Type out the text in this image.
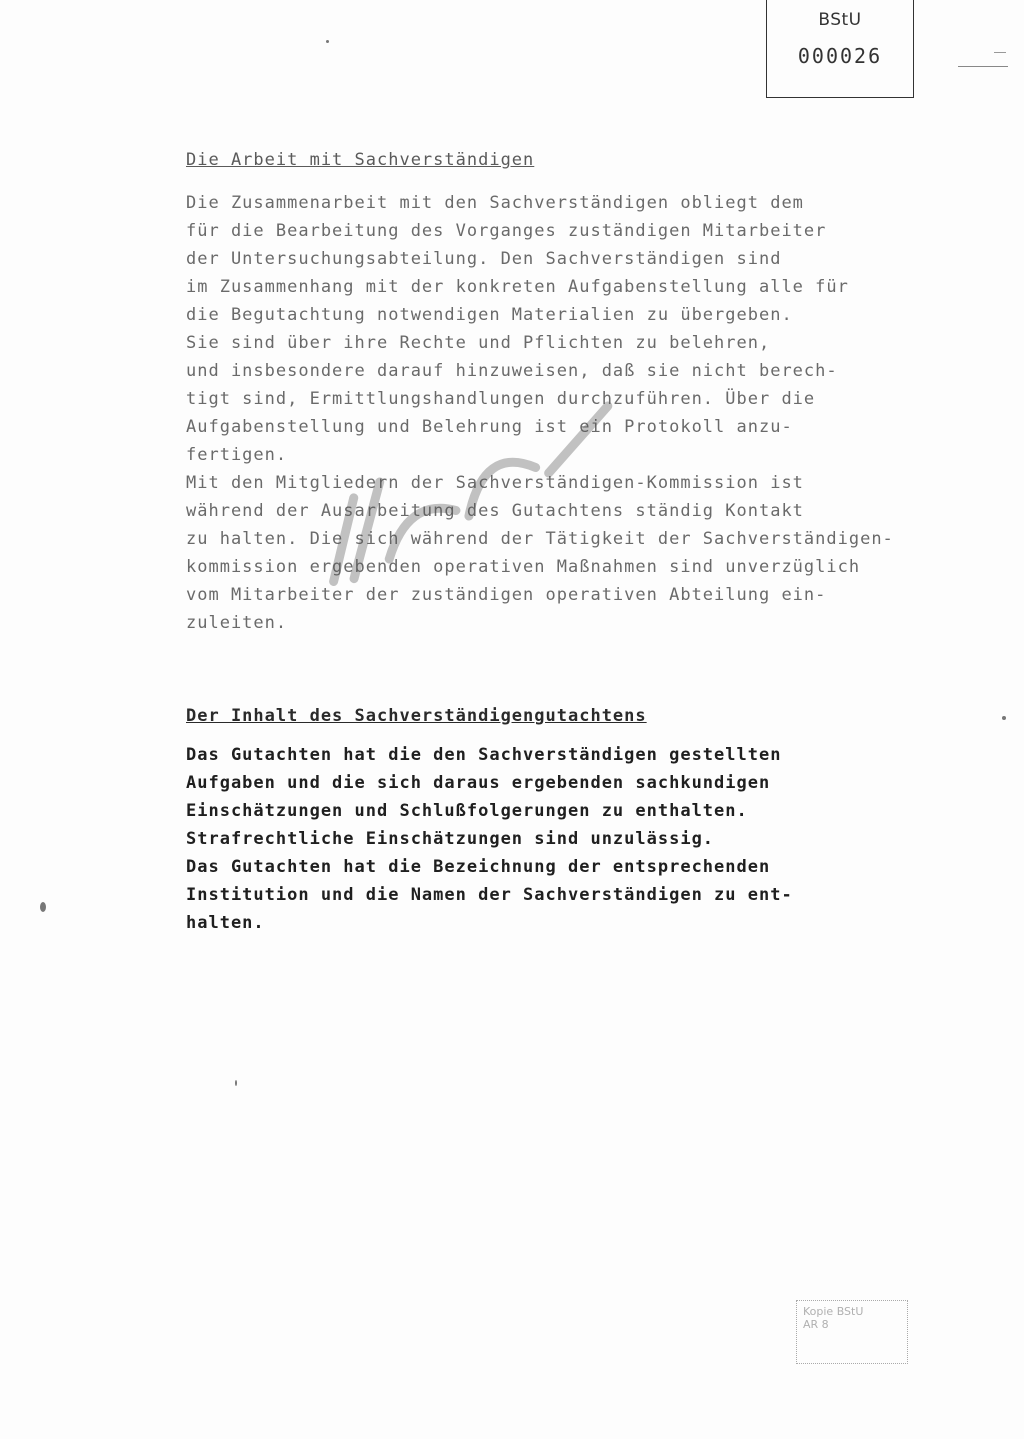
BStU
000026
Die Arbeit mit Sachverständigen
Die Zusammenarbeit mit den Sachverständigen obliegt dem
für die Bearbeitung des Vorganges zuständigen Mitarbeiter
der Untersuchungsabteilung. Den Sachverständigen sind
im Zusammenhang mit der konkreten Aufgabenstellung alle für
die Begutachtung notwendigen Materialien zu übergeben.
Sie sind über ihre Rechte und Pflichten zu belehren,
und insbesondere darauf hinzuweisen, daß sie nicht berech-
tigt sind, Ermittlungshandlungen durchzuführen. Über die
Aufgabenstellung und Belehrung ist ein Protokoll anzu-
fertigen.
Mit den Mitgliedern der Sachverständigen-Kommission ist
während der Ausarbeitung des Gutachtens ständig Kontakt
zu halten. Die sich während der Tätigkeit der Sachverständigen-
kommission ergebenden operativen Maßnahmen sind unverzüglich
vom Mitarbeiter der zuständigen operativen Abteilung ein-
zuleiten.
Der Inhalt des Sachverständigengutachtens
Das Gutachten hat die den Sachverständigen gestellten
Aufgaben und die sich daraus ergebenden sachkundigen
Einschätzungen und Schlußfolgerungen zu enthalten.
Strafrechtliche Einschätzungen sind unzulässig.
Das Gutachten hat die Bezeichnung der entsprechenden
Institution und die Namen der Sachverständigen zu ent-
halten.
Kopie BStU
AR 8
